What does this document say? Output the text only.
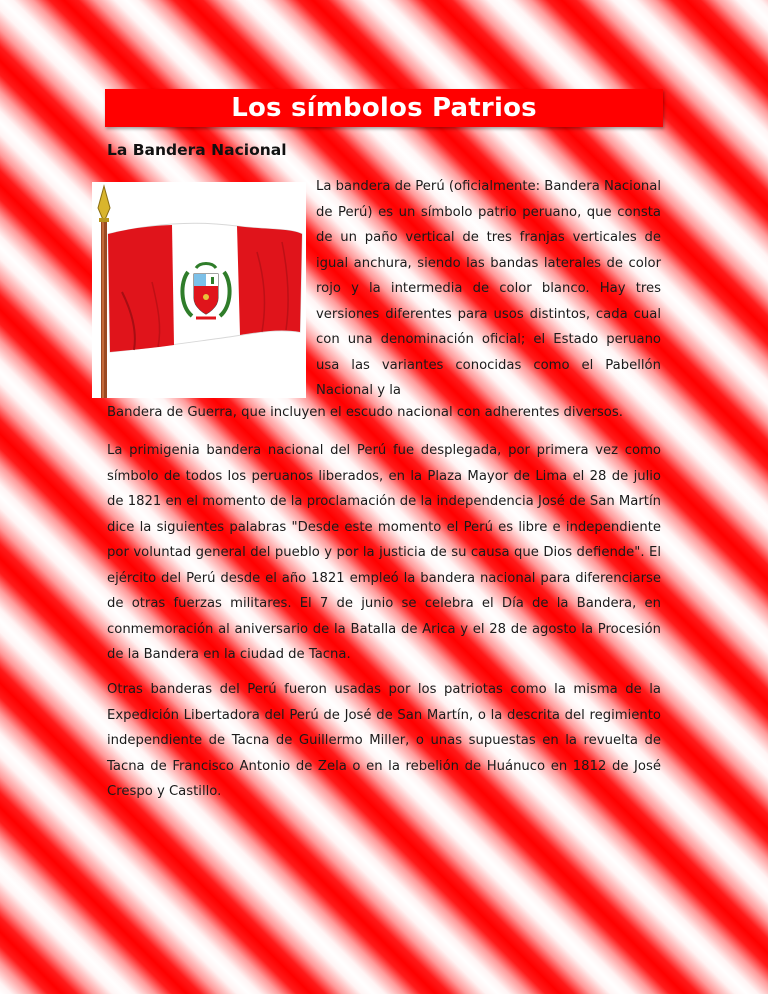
Los símbolos Patrios
La Bandera Nacional

La bandera de Perú (oficialmente: Bandera Nacional de Perú) es un símbolo patrio peruano, que consta de un paño vertical de tres franjas verticales de igual anchura, siendo las bandas laterales de color rojo y la intermedia de color blanco. Hay tres versiones diferentes para usos distintos, cada cual con una denominación oficial; el Estado peruano usa las variantes conocidas como el Pabellón Nacional y la

Bandera de Guerra, que incluyen el escudo nacional con adherentes diversos.

La primigenia bandera nacional del Perú fue desplegada, por primera vez como símbolo de todos los peruanos liberados, en la Plaza Mayor de Lima el 28 de julio de 1821 en el momento de la proclamación de la independencia José de San Martín dice la siguientes palabras "Desde este momento el Perú es libre e independiente por voluntad general del pueblo y por la justicia de su causa que Dios defiende". El ejército del Perú desde el año 1821 empleó la bandera nacional para diferenciarse de otras fuerzas militares. El 7 de junio se celebra el Día de la Bandera, en conmemoración al aniversario de la Batalla de Arica y el 28 de agosto la Procesión de la Bandera en la ciudad de Tacna.

Otras banderas del Perú fueron usadas por los patriotas como la misma de la Expedición Libertadora del Perú de José de San Martín, o la descrita del regimiento independiente de Tacna de Guillermo Miller, o unas supuestas en la revuelta de Tacna de Francisco Antonio de Zela o en la rebelión de Huánuco en 1812 de José Crespo y Castillo.
